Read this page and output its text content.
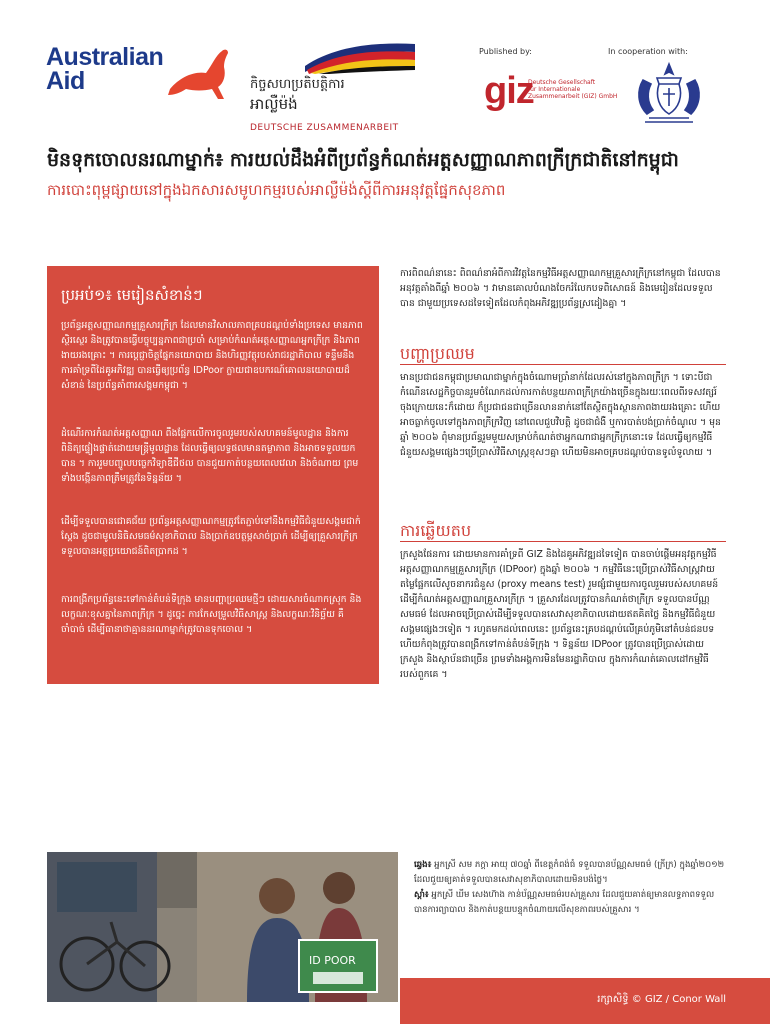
Australian
Aid	កិច្ចសហប្រតិបត្តិការ
អាល្លឺម៉ង់
DEUTSCHE ZUSAMMENARBEIT
Published by:	In cooperation with:
giz
Deutsche Gesellschaft
für Internationale
Zusammenarbeit (GIZ) GmbH
មិនទុកចោលនរណាម្នាក់៖ ការយល់ដឹងអំពីប្រព័ន្ធកំណត់អត្តសញ្ញាណភាពក្រីក្រជាតិនៅកម្ពុជា
ការបោះពុម្ពផ្សាយនៅក្នុងឯកសារសមូហកម្មរបស់អាល្លឺម៉ង់ស្តីពីការអនុវត្តផ្នែកសុខភាព
ប្រអប់១៖ មេរៀនសំខាន់ៗ
ប្រព័ន្ធអត្តសញ្ញាណកម្មគ្រួសារក្រីក្រ ដែលមានវិសាលភាពគ្របដណ្តប់ទាំងប្រទេស មានភាពស្ថិរស្ថេរ និងត្រូវបានធ្វើបច្ចុប្បន្នភាពជាប្រចាំ សម្រាប់កំណត់អត្តសញ្ញាណអ្នកក្រីក្រ និងភាពងាយរងគ្រោះ ។ ការប្តេជ្ញាចិត្តផ្នែកនយោបាយ និងហិរញ្ញវត្ថុរបស់រាជរដ្ឋាភិបាល ទន្ទឹមនឹងការគាំទ្រពីដៃគូអភិវឌ្ឍ បានធ្វើឲ្យប្រព័ន្ធ IDPoor ក្លាយជាឧបករណ៍គោលនយោបាយដ៏សំខាន់ នៃប្រព័ន្ធគាំពារសង្គមកម្ពុជា ។
ដំណើរការកំណត់អត្តសញ្ញាណ ពឹងផ្អែកលើការចូលរួមរបស់សហគមន៍មូលដ្ឋាន និងការពិនិត្យផ្ទៀងផ្ទាត់ដោយមន្ត្រីមូលដ្ឋាន ដែលធ្វើឲ្យលទ្ធផលមានតម្លាភាព និងអាចទទួលយកបាន ។ ការរួមបញ្ចូលបច្ចេកវិទ្យាឌីជីថល បានជួយកាត់បន្ថយពេលវេលា និងចំណាយ ព្រមទាំងបង្កើនភាពត្រឹមត្រូវនៃទិន្នន័យ ។
ដើម្បីទទួលបានជោគជ័យ ប្រព័ន្ធអត្តសញ្ញាណកម្មត្រូវតែភ្ជាប់ទៅនឹងកម្មវិធីជំនួយសង្គមជាក់ស្តែង ដូចជាមូលនិធិសមធម៌សុខាភិបាល និងប្រាក់ឧបត្ថម្ភសាច់ប្រាក់ ដើម្បីឲ្យគ្រួសារក្រីក្រទទួលបានអត្ថប្រយោជន៍ពិតប្រាកដ ។
ការពង្រីកប្រព័ន្ធនេះទៅកាន់តំបន់ទីក្រុង មានបញ្ហាប្រឈមថ្មីៗ ដោយសារចំណាកស្រុក និងលក្ខណៈខុសគ្នានៃភាពក្រីក្រ ។ ដូច្នេះ ការកែសម្រួលវិធីសាស្ត្រ និងលក្ខណៈវិនិច្ឆ័យ គឺចាំបាច់ ដើម្បីធានាថាគ្មាននរណាម្នាក់ត្រូវបានទុកចោល ។
ការពិពណ៌នានេះ ពិពណ៌នាអំពីការវិវត្តនៃកម្មវិធីអត្តសញ្ញាណកម្មគ្រួសារក្រីក្រនៅកម្ពុជា ដែលបានអនុវត្តតាំងពីឆ្នាំ ២០០៦ ។ វាមានគោលបំណងចែករំលែកបទពិសោធន៍ និងមេរៀនដែលទទួលបាន ជាមួយប្រទេសដទៃទៀតដែលកំពុងអភិវឌ្ឍប្រព័ន្ធស្រដៀងគ្នា ។
បញ្ហាប្រឈម
មានប្រជាជនកម្ពុជាប្រមាណជាម្នាក់ក្នុងចំណោមប្រាំនាក់ដែលរស់នៅក្នុងភាពក្រីក្រ ។ ទោះបីជាកំណើនសេដ្ឋកិច្ចបានរួមចំណែកដល់ការកាត់បន្ថយភាពក្រីក្រយ៉ាងច្រើនក្នុងរយៈពេលពីរទសវត្សរ៍ចុងក្រោយនេះក៏ដោយ ក៏ប្រជាជនជាច្រើនលាននាក់នៅតែស្ថិតក្នុងស្ថានភាពងាយរងគ្រោះ ហើយអាចធ្លាក់ចូលទៅក្នុងភាពក្រីក្រវិញ នៅពេលជួបវិបត្តិ ដូចជាជំងឺ ឬការបាត់បង់ប្រាក់ចំណូល ។ មុនឆ្នាំ ២០០៦ ពុំមានប្រព័ន្ធរួមមួយសម្រាប់កំណត់ថាអ្នកណាជាអ្នកក្រីក្រនោះទេ ដែលធ្វើឲ្យកម្មវិធីជំនួយសង្គមផ្សេងៗប្រើប្រាស់វិធីសាស្ត្រខុសៗគ្នា ហើយមិនអាចគ្របដណ្តប់បានទូលំទូលាយ ។
ការឆ្លើយតប
ក្រសួងផែនការ ដោយមានការគាំទ្រពី GIZ និងដៃគូអភិវឌ្ឍដទៃទៀត បានចាប់ផ្តើមអនុវត្តកម្មវិធីអត្តសញ្ញាណកម្មគ្រួសារក្រីក្រ (IDPoor) ក្នុងឆ្នាំ ២០០៦ ។ កម្មវិធីនេះប្រើប្រាស់វិធីសាស្ត្រវាយតម្លៃផ្អែកលើសូចនាករជំនួស (proxy means test) រួមផ្សំជាមួយការចូលរួមរបស់សហគមន៍ ដើម្បីកំណត់អត្តសញ្ញាណគ្រួសារក្រីក្រ ។ គ្រួសារដែលត្រូវបានកំណត់ថាក្រីក្រ ទទួលបានប័ណ្ណសមធម៌ ដែលអាចប្រើប្រាស់ដើម្បីទទួលបានសេវាសុខាភិបាលដោយឥតគិតថ្លៃ និងកម្មវិធីជំនួយសង្គមផ្សេងៗទៀត ។ រហូតមកដល់ពេលនេះ ប្រព័ន្ធនេះគ្របដណ្តប់លើគ្រប់ភូមិនៅតំបន់ជនបទ ហើយកំពុងត្រូវបានពង្រីកទៅកាន់តំបន់ទីក្រុង ។ ទិន្នន័យ IDPoor ត្រូវបានប្រើប្រាស់ដោយក្រសួង និងស្ថាប័នជាច្រើន ព្រមទាំងអង្គការមិនមែនរដ្ឋាភិបាល ក្នុងការកំណត់គោលដៅកម្មវិធីរបស់ពួកគេ ។
ID POOR
ឆ្វេង៖ អ្នកស្រី សម ភក្តា អាយុ ៧០ឆ្នាំ ពីខេត្តកំពង់ធំ ទទួលបានប័ណ្ណសមធម៌ (ក្រីក្រ) ក្នុងឆ្នាំ២០១២ ដែលជួយឲ្យគាត់ទទួលបានសេវាសុខាភិបាលដោយមិនបង់ថ្លៃ។
ស្តាំ៖ អ្នកស្រី ឃីម សេងហ៊ាង កាន់ប័ណ្ណសមធម៌របស់គ្រួសារ ដែលជួយគាត់ឲ្យមានលទ្ធភាពទទួលបានការព្យាបាល និងកាត់បន្ថយបន្ទុកចំណាយលើសុខភាពរបស់គ្រួសារ ។
រក្សាសិទ្ធិ © GIZ / Conor Wall
